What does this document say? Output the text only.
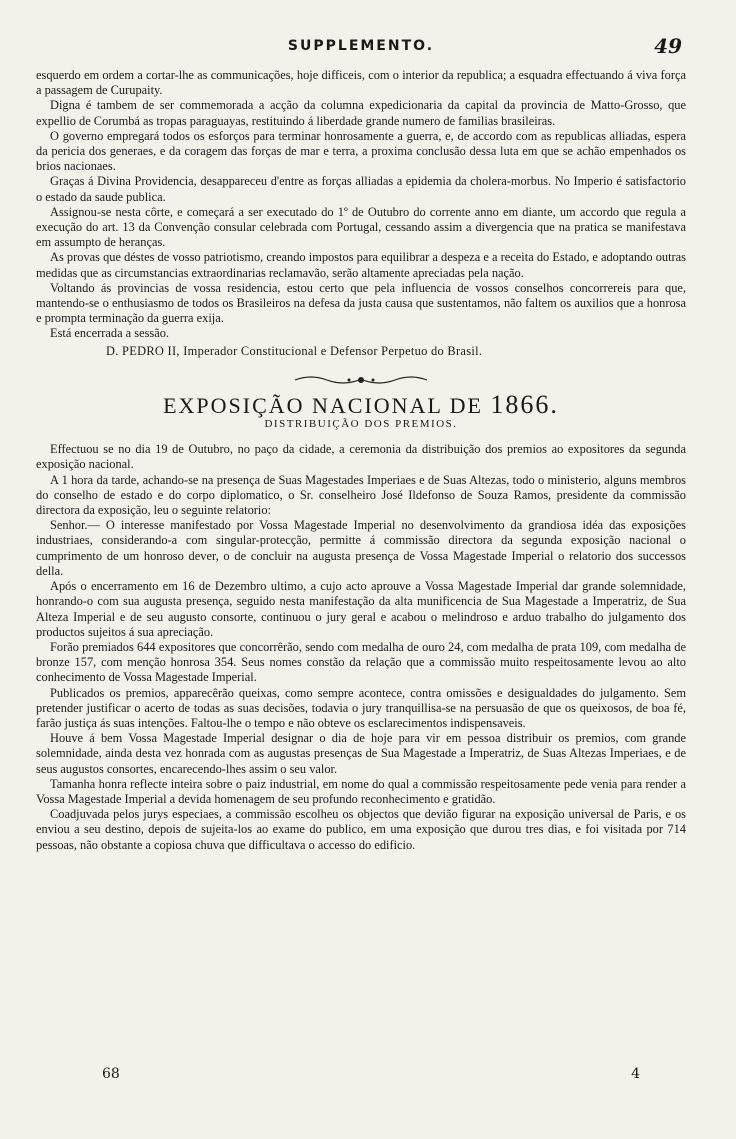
SUPPLEMENTO.	49

esquerdo em ordem a cortar-lhe as communicações, hoje difficeis, com o interior da republica; a esquadra effectuando á viva força a passagem de Curupaity.

Digna é tambem de ser commemorada a acção da columna expedicionaria da capital da provincia de Matto-Grosso, que expellio de Corumbá as tropas paraguayas, restituindo á liberdade grande numero de familias brasileiras.

O governo empregará todos os esforços para terminar honrosamente a guerra, e, de accordo com as republicas alliadas, espera da pericia dos generaes, e da coragem das forças de mar e terra, a proxima conclusão dessa luta em que se achão empenhados os brios nacionaes.

Graças á Divina Providencia, desappareceu d'entre as forças alliadas a epidemia da cholera-morbus. No Imperio é satisfactorio o estado da saude publica.

Assignou-se nesta côrte, e começará a ser executado do 1º de Outubro do corrente anno em diante, um accordo que regula a execução do art. 13 da Convenção consular celebrada com Portugal, cessando assim a divergencia que na pratica se manifestava em assumpto de heranças.

As provas que déstes de vosso patriotismo, creando impostos para equilibrar a despeza e a receita do Estado, e adoptando outras medidas que as circumstancias extraordinarias reclamavão, serão altamente apreciadas pela nação.

Voltando ás provincias de vossa residencia, estou certo que pela influencia de vossos conselhos concorrereis para que, mantendo-se o enthusiasmo de todos os Brasileiros na defesa da justa causa que sustentamos, não faltem os auxilios que a honrosa e prompta terminação da guerra exija.

Está encerrada a sessão.

D. PEDRO II, Imperador Constitucional e Defensor Perpetuo do Brasil.
EXPOSIÇÃO NACIONAL DE 1866.
DISTRIBUIÇÃO DOS PREMIOS.

Effectuou se no dia 19 de Outubro, no paço da cidade, a ceremonia da distribuição dos premios ao expositores da segunda exposição nacional.

A 1 hora da tarde, achando-se na presença de Suas Magestades Imperiaes e de Suas Altezas, todo o ministerio, alguns membros do conselho de estado e do corpo diplomatico, o Sr. conselheiro José Ildefonso de Souza Ramos, presidente da commissão directora da exposição, leu o seguinte relatorio:

Senhor.— O interesse manifestado por Vossa Magestade Imperial no desenvolvimento da grandiosa idéa das exposições industriaes, considerando-a com singular-protecção, permitte á commissão directora da segunda exposição nacional o cumprimento de um honroso dever, o de concluir na augusta presença de Vossa Magestade Imperial o relatorio dos successos della.

Após o encerramento em 16 de Dezembro ultimo, a cujo acto aprouve a Vossa Magestade Imperial dar grande solemnidade, honrando-o com sua augusta presença, seguido nesta manifestação da alta munificencia de Sua Magestade a Imperatriz, de Sua Alteza Imperial e de seu augusto consorte, continuou o jury geral e acabou o melindroso e arduo trabalho do julgamento dos productos sujeitos á sua apreciação.

Forão premiados 644 expositores que concorrêrão, sendo com medalha de ouro 24, com medalha de prata 109, com medalha de bronze 157, com menção honrosa 354. Seus nomes constão da relação que a commissão muito respeitosamente levou ao alto conhecimento de Vossa Magestade Imperial.

Publicados os premios, apparecêrão queixas, como sempre acontece, contra omissões e desigualdades do julgamento. Sem pretender justificar o acerto de todas as suas decisões, todavia o jury tranquillisa-se na persuasão de que os queixosos, de boa fé, farão justiça ás suas intenções. Faltou-lhe o tempo e não obteve os esclarecimentos indispensaveis.

Houve á bem Vossa Magestade Imperial designar o dia de hoje para vir em pessoa distribuir os premios, com grande solemnidade, ainda desta vez honrada com as augustas presenças de Sua Magestade a Imperatriz, de Suas Altezas Imperiaes, e de seus augustos consortes, encarecendo-lhes assim o seu valor.

Tamanha honra reflecte inteira sobre o paiz industrial, em nome do qual a commissão respeitosamente pede venia para render a Vossa Magestade Imperial a devida homenagem de seu profundo reconhecimento e gratidão.

Coadjuvada pelos jurys especiaes, a commissão escolheu os objectos que devião figurar na exposição universal de Paris, e os enviou a seu destino, depois de sujeita-los ao exame do publico, em uma exposição que durou tres dias, e foi visitada por 714 pessoas, não obstante a copiosa chuva que difficultava o accesso do edificio.

68	4
